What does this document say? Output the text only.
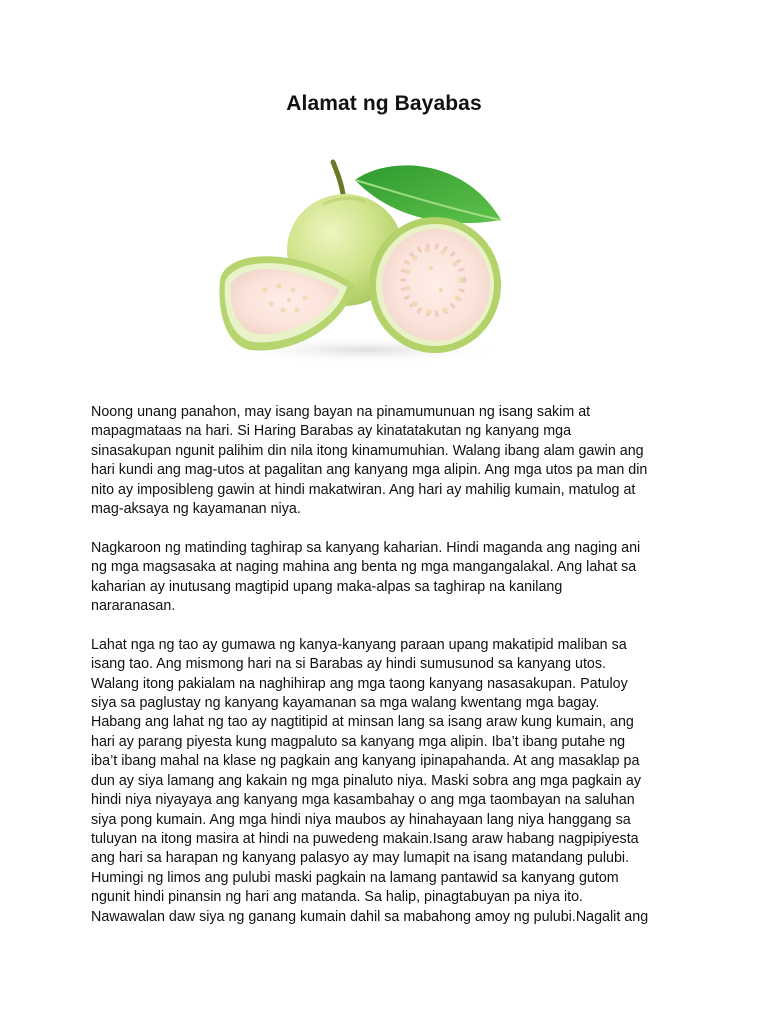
Alamat ng Bayabas

Noong unang panahon, may isang bayan na pinamumunuan ng isang sakim at
mapagmataas na hari. Si Haring Barabas ay kinatatakutan ng kanyang mga
sinasakupan ngunit palihim din nila itong kinamumuhian. Walang ibang alam gawin ang
hari kundi ang mag-utos at pagalitan ang kanyang mga alipin. Ang mga utos pa man din
nito ay imposibleng gawin at hindi makatwiran. Ang hari ay mahilig kumain, matulog at
mag-aksaya ng kayamanan niya.

Nagkaroon ng matinding taghirap sa kanyang kaharian. Hindi maganda ang naging ani
ng mga magsasaka at naging mahina ang benta ng mga mangangalakal. Ang lahat sa
kaharian ay inutusang magtipid upang maka-alpas sa taghirap na kanilang
nararanasan.

Lahat nga ng tao ay gumawa ng kanya-kanyang paraan upang makatipid maliban sa
isang tao. Ang mismong hari na si Barabas ay hindi sumusunod sa kanyang utos.
Walang itong pakialam na naghihirap ang mga taong kanyang nasasakupan. Patuloy
siya sa paglustay ng kanyang kayamanan sa mga walang kwentang mga bagay.
Habang ang lahat ng tao ay nagtitipid at minsan lang sa isang araw kung kumain, ang
hari ay parang piyesta kung magpaluto sa kanyang mga alipin. Iba’t ibang putahe ng
iba’t ibang mahal na klase ng pagkain ang kanyang ipinapahanda. At ang masaklap pa
dun ay siya lamang ang kakain ng mga pinaluto niya. Maski sobra ang mga pagkain ay
hindi niya niyayaya ang kanyang mga kasambahay o ang mga taombayan na saluhan
siya pong kumain. Ang mga hindi niya maubos ay hinahayaan lang niya hanggang sa
tuluyan na itong masira at hindi na puwedeng makain.Isang araw habang nagpipiyesta
ang hari sa harapan ng kanyang palasyo ay may lumapit na isang matandang pulubi.
Humingi ng limos ang pulubi maski pagkain na lamang pantawid sa kanyang gutom
ngunit hindi pinansin ng hari ang matanda. Sa halip, pinagtabuyan pa niya ito.
Nawawalan daw siya ng ganang kumain dahil sa mabahong amoy ng pulubi.Nagalit ang
